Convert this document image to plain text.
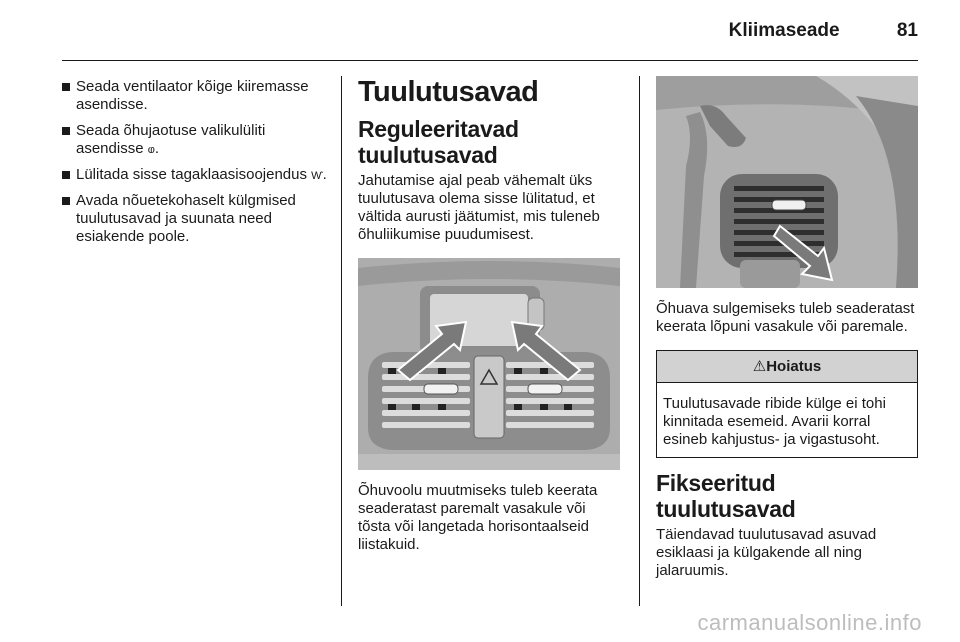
Kliimaseade	81
Seada ventilaator kõige kiiremasse asendisse.
Seada õhujaotuse valikulüliti asendisse ⱷ.
Lülitada sisse tagaklaasisoojendus Ⱳ.
Avada nõuetekohaselt külgmised tuulutusavad ja suunata need esiakende poole.
Tuulutusavad
Reguleeritavad tuulutusavad

Jahutamise ajal peab vähemalt üks tuulutusava olema sisse lülitatud, et vältida aurusti jäätumist, mis tuleneb õhuliikumise puudumisest.

Õhuvoolu muutmiseks tuleb keerata seaderatast paremalt vasakule või tõsta või langetada horisontaalseid liistakuid.

Õhuava sulgemiseks tuleb seaderatast keerata lõpuni vasakule või paremale.

⚠Hoiatus
Tuulutusavade ribide külge ei tohi kinnitada esemeid. Avarii korral esineb kahjustus- ja vigastusoht.
Fikseeritud tuulutusavad

Täiendavad tuulutusavad asuvad esiklaasi ja külgakende all ning jalaruumis.

carmanualsonline.info
